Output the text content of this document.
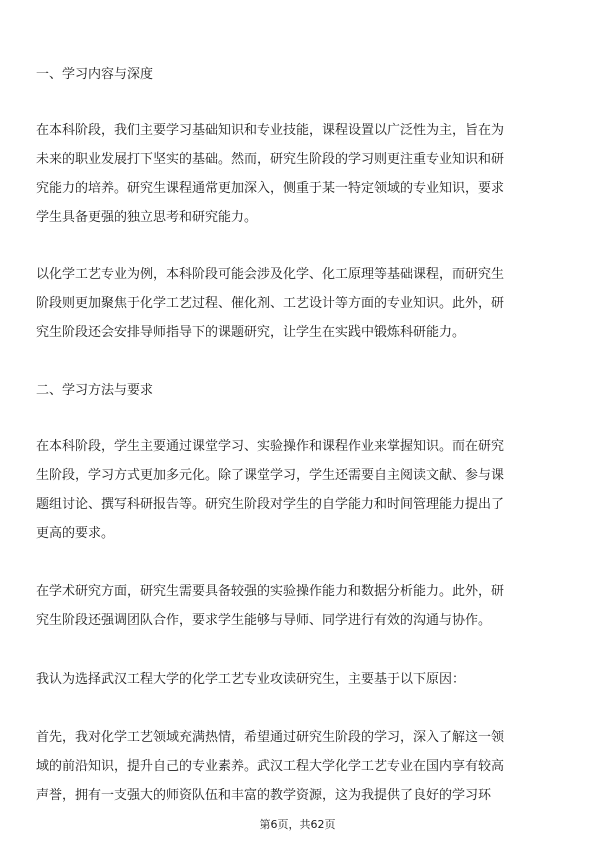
一、学习内容与深度
在本科阶段，我们主要学习基础知识和专业技能，课程设置以广泛性为主，旨在为
未来的职业发展打下坚实的基础。然而，研究生阶段的学习则更注重专业知识和研
究能力的培养。研究生课程通常更加深入，侧重于某一特定领域的专业知识，要求
学生具备更强的独立思考和研究能力。
以化学工艺专业为例，本科阶段可能会涉及化学、化工原理等基础课程，而研究生
阶段则更加聚焦于化学工艺过程、催化剂、工艺设计等方面的专业知识。此外，研
究生阶段还会安排导师指导下的课题研究，让学生在实践中锻炼科研能力。
二、学习方法与要求
在本科阶段，学生主要通过课堂学习、实验操作和课程作业来掌握知识。而在研究
生阶段，学习方式更加多元化。除了课堂学习，学生还需要自主阅读文献、参与课
题组讨论、撰写科研报告等。研究生阶段对学生的自学能力和时间管理能力提出了
更高的要求。
在学术研究方面，研究生需要具备较强的实验操作能力和数据分析能力。此外，研
究生阶段还强调团队合作，要求学生能够与导师、同学进行有效的沟通与协作。
我认为选择武汉工程大学的化学工艺专业攻读研究生，主要基于以下原因：
首先，我对化学工艺领域充满热情，希望通过研究生阶段的学习，深入了解这一领
域的前沿知识，提升自己的专业素养。武汉工程大学化学工艺专业在国内享有较高
声誉，拥有一支强大的师资队伍和丰富的教学资源，这为我提供了良好的学习环
第6页，共62页
